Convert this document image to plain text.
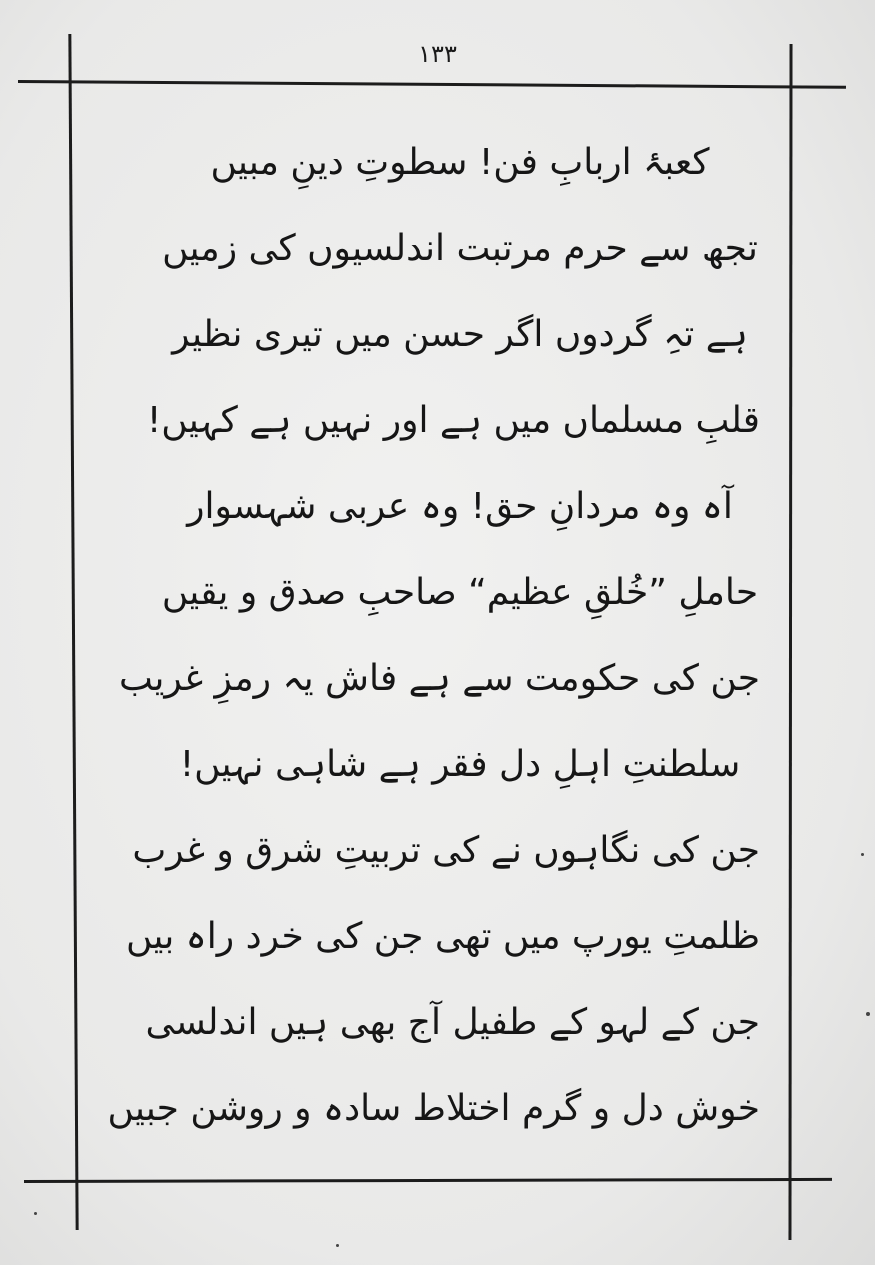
۱۳۳
کعبۂ اربابِ فن! سطوتِ دینِ مبیں
تجھ سے حرم مرتبت اندلسیوں کی زمیں
ہے تہِ گردوں اگر حسن میں تیری نظیر
قلبِ مسلماں میں ہے اور نہیں ہے کہیں!
آہ وہ مردانِ حق! وہ عربی شہسوار
حاملِ ”خُلقِ عظیم“ صاحبِ صدق و یقیں
جن کی حکومت سے ہے فاش یہ رمزِ غریب
سلطنتِ اہلِ دل فقر ہے شاہی نہیں!
جن کی نگاہوں نے کی تربیتِ شرق و غرب
ظلمتِ یورپ میں تھی جن کی خرد راہ بیں
جن کے لہو کے طفیل آج بھی ہیں اندلسی
خوش دل و گرم اختلاط سادہ و روشن جبیں
